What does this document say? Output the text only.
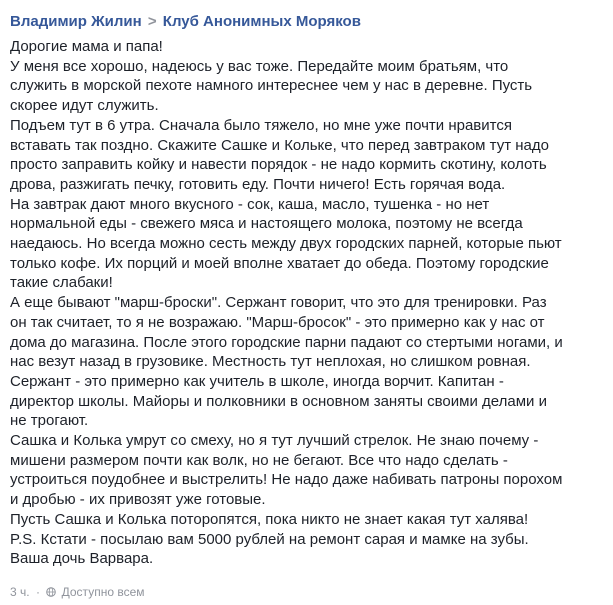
Владимир Жилин > Клуб Анонимных Моряков
Дорогие мама и папа!
У меня все хорошо, надеюсь у вас тоже. Передайте моим братьям, что
служить в морской пехоте намного интереснее чем у нас в деревне. Пусть
скорее идут служить.
Подъем тут в 6 утра. Сначала было тяжело, но мне уже почти нравится
вставать так поздно. Скажите Сашке и Кольке, что перед завтраком тут надо
просто заправить койку и навести порядок - не надо кормить скотину, колоть
дрова, разжигать печку, готовить еду. Почти ничего! Есть горячая вода.
На завтрак дают много вкусного - сок, каша, масло, тушенка - но нет
нормальной еды - свежего мяса и настоящего молока, поэтому не всегда
наедаюсь. Но всегда можно сесть между двух городских парней, которые пьют
только кофе. Их порций и моей вполне хватает до обеда. Поэтому городские
такие слабаки!
А еще бывают "марш-броски". Сержант говорит, что это для тренировки. Раз
он так считает, то я не возражаю. "Марш-бросок" - это примерно как у нас от
дома до магазина. После этого городские парни падают со стертыми ногами, и
нас везут назад в грузовике. Местность тут неплохая, но слишком ровная.
Сержант - это примерно как учитель в школе, иногда ворчит. Капитан -
директор школы. Майоры и полковники в основном заняты своими делами и
не трогают.
Сашка и Колька умрут со смеху, но я тут лучший стрелок. Не знаю почему -
мишени размером почти как волк, но не бегают. Все что надо сделать -
устроиться поудобнее и выстрелить! Не надо даже набивать патроны порохом
и дробью - их привозят уже готовые.
Пусть Сашка и Колька поторопятся, пока никто не знает какая тут халява!
P.S. Кстати - посылаю вам 5000 рублей на ремонт сарая и мамке на зубы.
Ваша дочь Варвара.
3 ч. · Доступно всем
